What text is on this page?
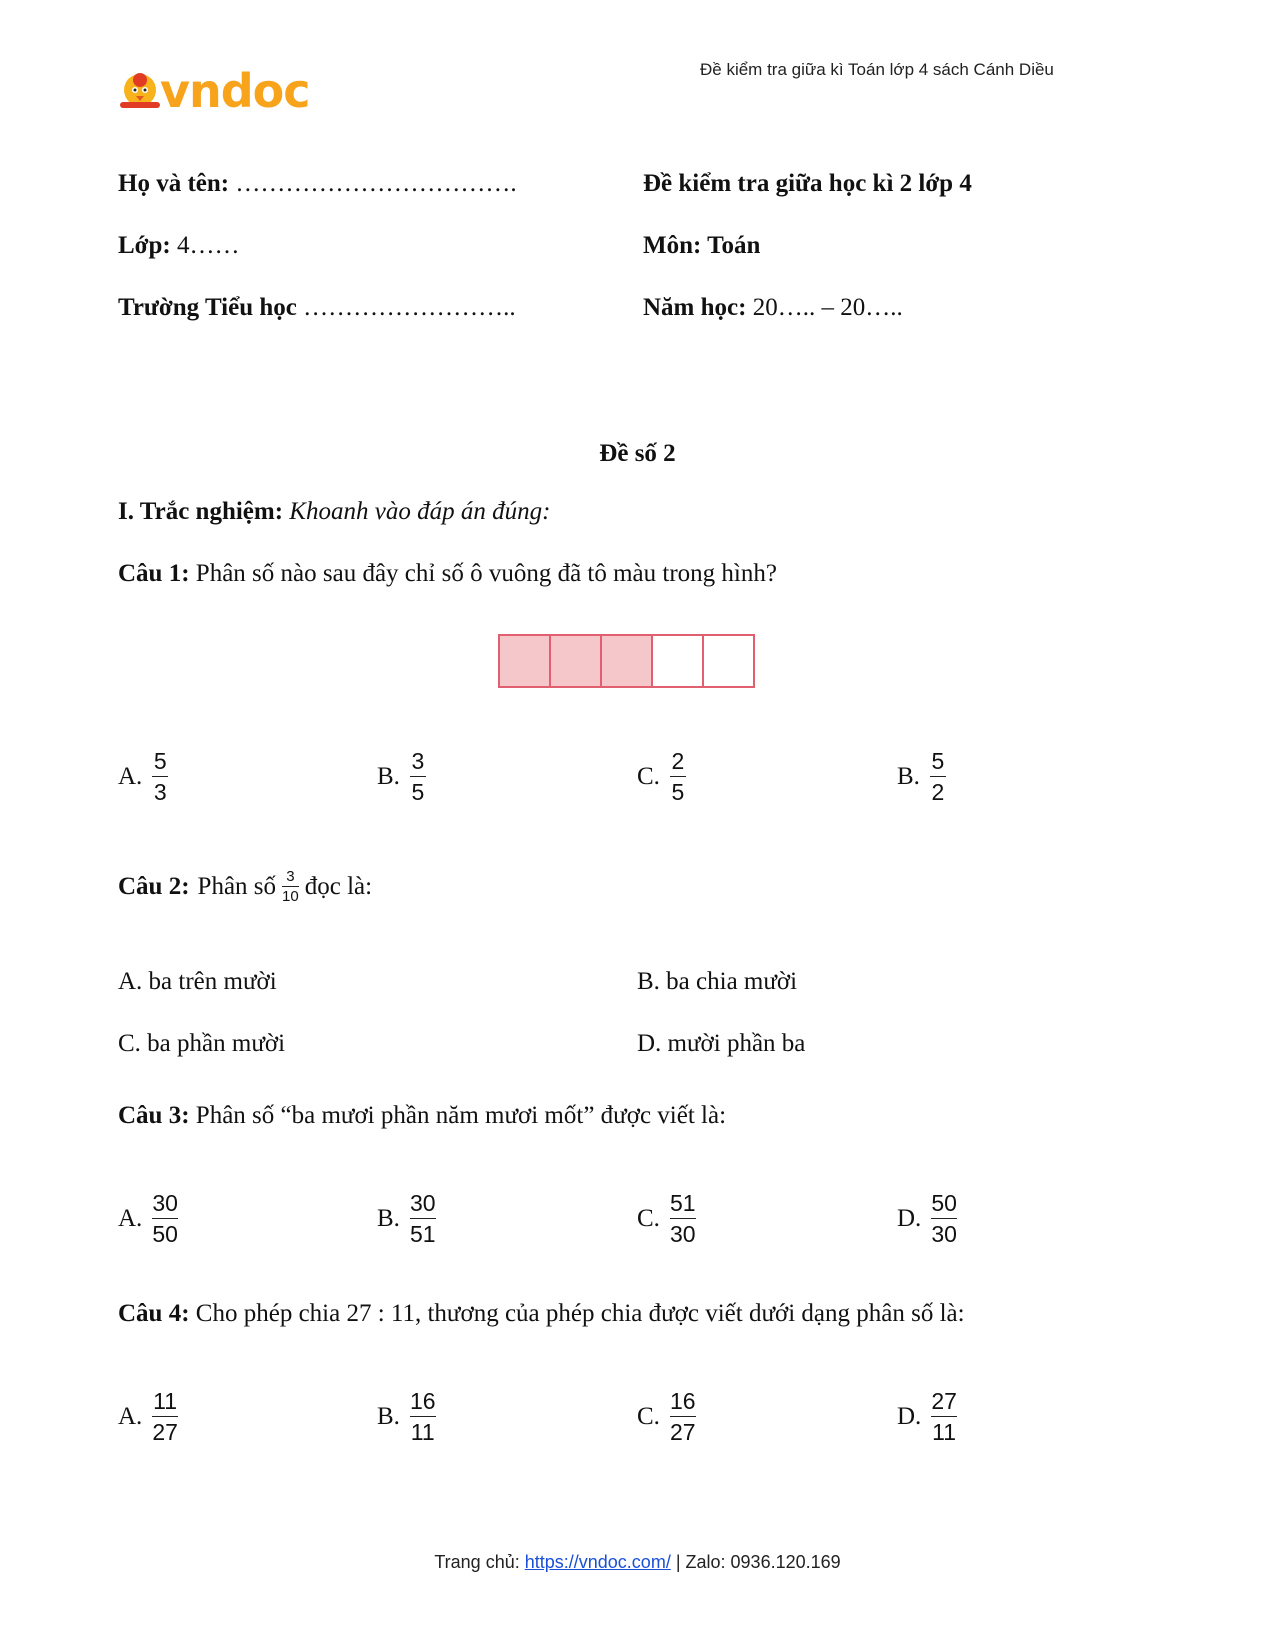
vndoc	Đề kiểm tra giữa kì Toán lớp 4 sách Cánh Diều
Họ và tên: …………………………….	Đề kiểm tra giữa học kì 2 lớp 4
Lớp: 4……	Môn: Toán
Trường Tiểu học ……………………..	Năm học: 20….. – 20…..
Đề số 2
I. Trắc nghiệm: Khoanh vào đáp án đúng:
Câu 1: Phân số nào sau đây chỉ số ô vuông đã tô màu trong hình?
A. $\frac{5}{3}$	B. $\frac{3}{5}$	C. $\frac{2}{5}$	B. $\frac{5}{2}$
Câu 2: Phân số $\frac{3}{10}$ đọc là:
A. ba trên mười	B. ba chia mười
C. ba phần mười	D. mười phần ba
Câu 3: Phân số “ba mươi phần năm mươi mốt” được viết là:
A. $\frac{30}{50}$	B. $\frac{30}{51}$	C. $\frac{51}{30}$	D. $\frac{50}{30}$
Câu 4: Cho phép chia 27 : 11, thương của phép chia được viết dưới dạng phân số là:
A. $\frac{11}{27}$	B. $\frac{16}{11}$	C. $\frac{16}{27}$	D. $\frac{27}{11}$
Trang chủ: https://vndoc.com/ | Zalo: 0936.120.169
